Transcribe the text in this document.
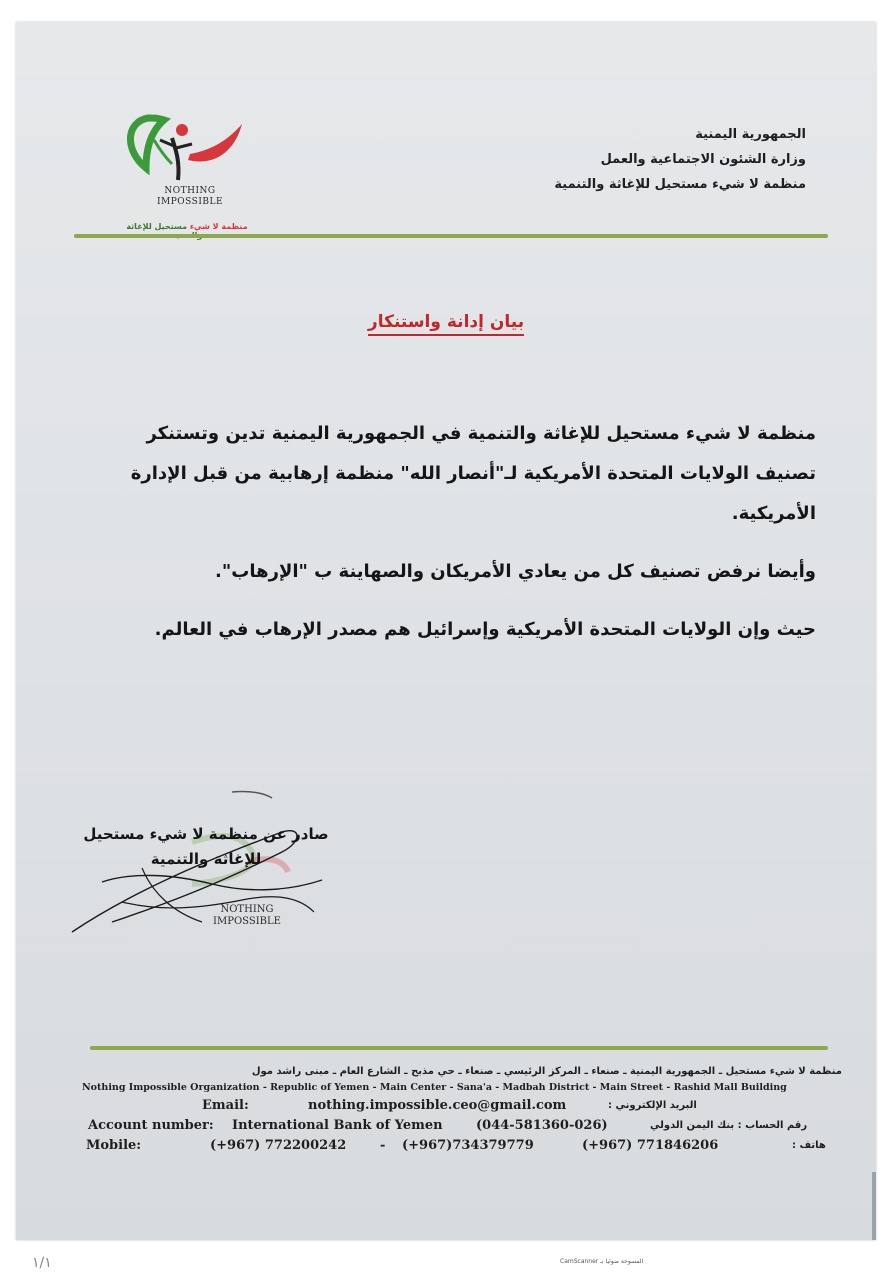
الجمهورية اليمنية
وزارة الشئون الاجتماعية والعمل
منظمة لا شيء مستحيل للإغاثة والتنمية
NOTHING
IMPOSSIBLE
منظمة لا شيء مستحيل للإغاثة
بيان إدانة واستنكار

منظمة لا شيء مستحيل للإغاثة والتنمية في الجمهورية اليمنية تدين وتستنكر تصنيف الولايات المتحدة الأمريكية لـ"أنصار الله" منظمة إرهابية من قبل الإدارة الأمريكية.

وأيضا نرفض تصنيف كل من يعادي الأمريكان والصهاينة ب "الإرهاب".

حيث وإن الولايات المتحدة الأمريكية وإسرائيل هم مصدر الإرهاب في العالم.

صادر عن منظمة لا شيء مستحيل
للإغاثة والتنمية
NOTHING
IMPOSSIBLE
منظمة لا شيء مستحيل ـ الجمهورية اليمنية ـ صنعاء ـ المركز الرئيسي ـ صنعاء ـ حي مذبح ـ الشارع العام ـ مبنى راشد مول
Nothing Impossible Organization - Republic of Yemen - Main Center - Sana'a - Madbah District - Main Street - Rashid Mall Building
Email:	nothing.impossible.ceo@gmail.com	البريد الإلكتروني :
Account number: International Bank of Yemen	(044-581360-026)	رقم الحساب : بنك اليمن الدولي
Mobile:	(+967) 772200242	- (+967)734379779	(+967) 771846206	هاتف :
١/١	المسوحة ضوئيا بـ CamScanner
